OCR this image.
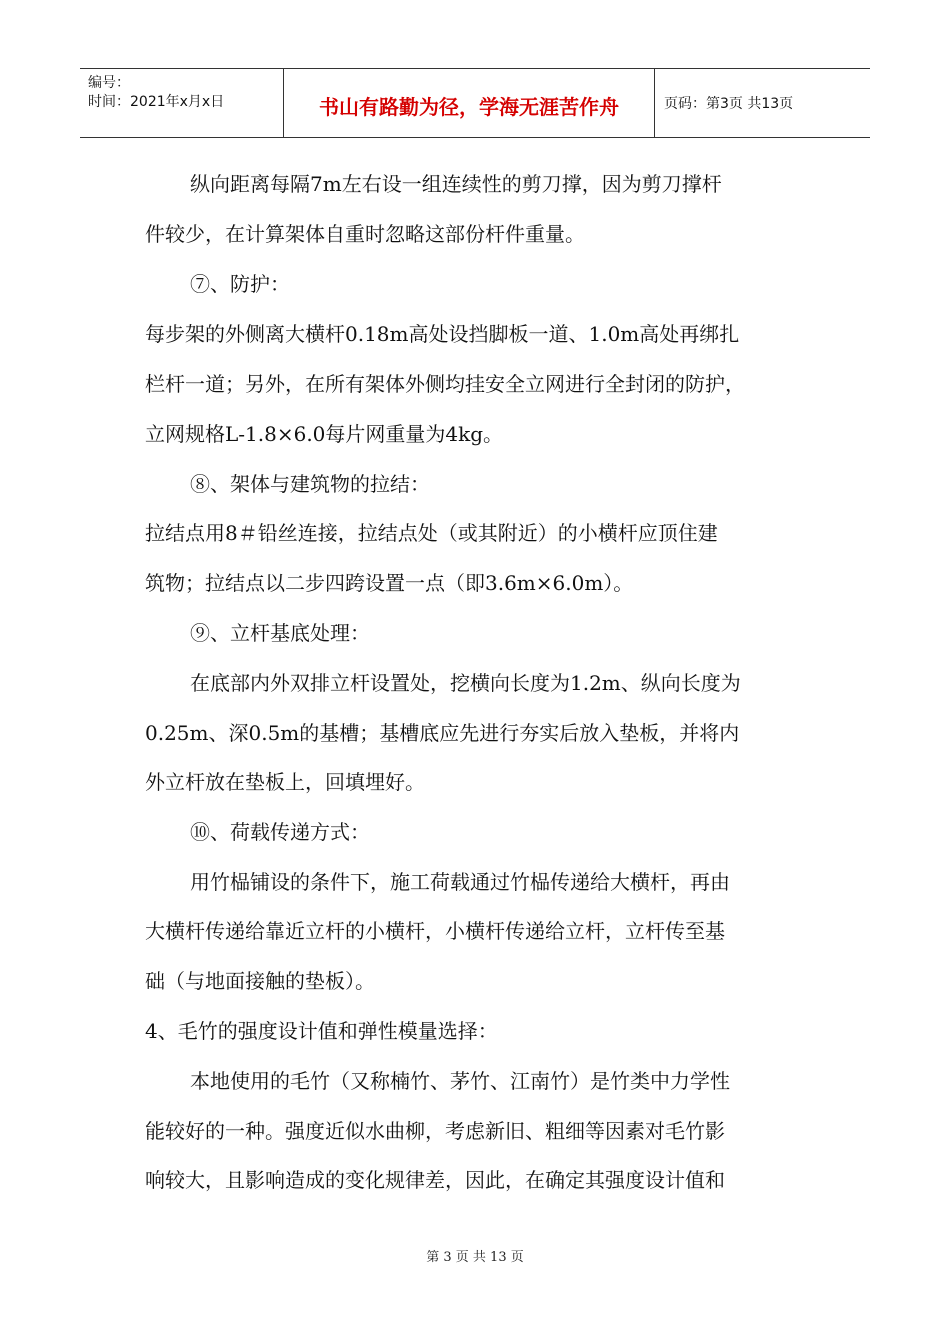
编号：
时间：2021年x月x日	书山有路勤为径，学海无涯苦作舟	页码：第3页 共13页
纵向距离每隔7m左右设一组连续性的剪刀撑，因为剪刀撑杆
件较少，在计算架体自重时忽略这部份杆件重量。
⑦、防护：
每步架的外侧离大横杆0.18m高处设挡脚板一道、1.0m高处再绑扎
栏杆一道；另外，在所有架体外侧均挂安全立网进行全封闭的防护，
立网规格L-1.8×6.0每片网重量为4kg。
⑧、架体与建筑物的拉结：
拉结点用8＃铅丝连接，拉结点处（或其附近）的小横杆应顶住建
筑物；拉结点以二步四跨设置一点（即3.6m×6.0m）。
⑨、立杆基底处理：
在底部内外双排立杆设置处，挖横向长度为1.2m、纵向长度为
0.25m、深0.5m的基槽；基槽底应先进行夯实后放入垫板，并将内
外立杆放在垫板上，回填埋好。
⑩、荷载传递方式：
用竹榀铺设的条件下，施工荷载通过竹榀传递给大横杆，再由
大横杆传递给靠近立杆的小横杆，小横杆传递给立杆，立杆传至基
础（与地面接触的垫板）。
4、毛竹的强度设计值和弹性模量选择：
本地使用的毛竹（又称楠竹、茅竹、江南竹）是竹类中力学性
能较好的一种。强度近似水曲柳，考虑新旧、粗细等因素对毛竹影
响较大，且影响造成的变化规律差，因此，在确定其强度设计值和
第 3 页 共 13 页
